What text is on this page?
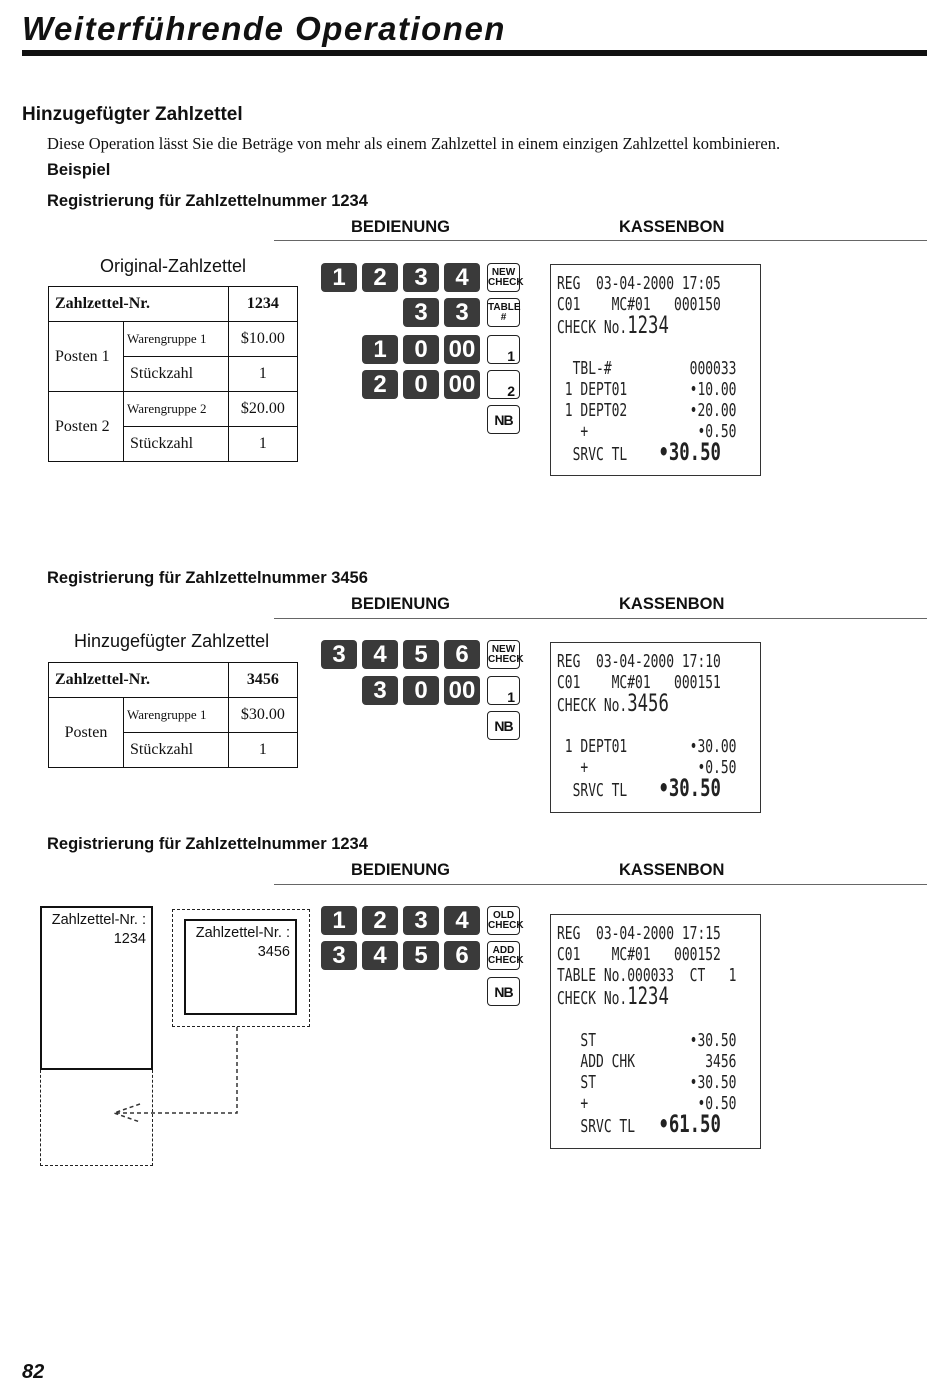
Weiterführende Operationen
Hinzugefügter Zahlzettel
Diese Operation lässt Sie die Beträge von mehr als einem Zahlzettel in einem einzigen Zahlzettel kombinieren.
Beispiel
Registrierung für Zahlzettelnummer 1234
BEDIENUNG	KASSENBON
Original-Zahlzettel
Zahlzettel-Nr.		1234
Posten 1	Warengruppe 1	$10.00
	Stückzahl	1
Posten 2	Warengruppe 2	$20.00
	Stückzahl	1
1	2	3	4	NEW
CHECK
3	3	TABLE
#
1	0 00	1
2	0 00	2
NB
REG  03-04-2000 17:05
C01    MC#01   000150
CHECK No.1234
TBL-#          000033
1 DEPT01        •10.00
1 DEPT02        •20.00
+              •0.50
SRVC TL •30.50
Registrierung für Zahlzettelnummer 3456
BEDIENUNG	KASSENBON
Hinzugefügter Zahlzettel
Zahlzettel-Nr.		3456
Posten	Warengruppe 1	$30.00
	Stückzahl	1
3	4	5	6	NEW
CHECK
3	0 00	1
NB
REG  03-04-2000 17:10
C01    MC#01   000151
CHECK No.3456
1 DEPT01        •30.00
+              •0.50
SRVC TL •30.50
Registrierung für Zahlzettelnummer 1234
BEDIENUNG	KASSENBON
Zahlzettel-Nr. :
1234	Zahlzettel-Nr. :
3456
1	2	3	4	OLD
CHECK
3	4	5	6	ADD
CHECK
NB
REG  03-04-2000 17:15
C01    MC#01   000152
TABLE No.000033  CT   1
CHECK No.1234
ST            •30.50
ADD CHK         3456
ST            •30.50
+              •0.50
SRVC TL •61.50
82
